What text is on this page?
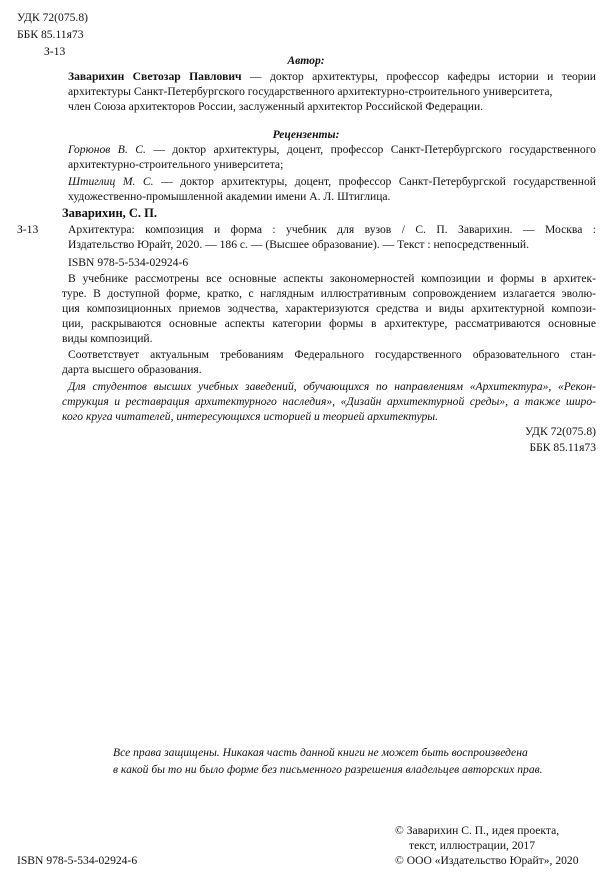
УДК 72(075.8)
ББК 85.11я73
З-13
Автор:
Заварихин Светозар Павлович — доктор архитектуры, профессор кафедры истории и теории
архитектуры Санкт-Петербургского государственного архитектурно-строительного университета,
член Союза архитекторов России, заслуженный архитектор Российской Федерации.
Рецензенты:
Горюнов В. С. — доктор архитектуры, доцент, профессор Санкт-Петербургского государственного
архитектурно-строительного университета;
Штиглиц М. С. — доктор архитектуры, доцент, профессор Санкт-Петербургской государственной
художественно-промышленной академии имени А. Л. Штиглица.
Заварихин, С. П.
З-13	Архитектура: композиция и форма : учебник для вузов / С. П. Заварихин. — Москва :
Издательство Юрайт, 2020. — 186 с. — (Высшее образование). — Текст : непосредственный.
ISBN 978-5-534-02924-6
В учебнике рассмотрены все основные аспекты закономерностей композиции и формы в архитек-
туре. В доступной форме, кратко, с наглядным иллюстративным сопровождением излагается эволю-
ция композиционных приемов зодчества, характеризуются средства и виды архитектурной компози-
ции, раскрываются основные аспекты категории формы в архитектуре, рассматриваются основные
виды композиций.
Соответствует актуальным требованиям Федерального государственного образовательного стан-
дарта высшего образования.
Для студентов высших учебных заведений, обучающихся по направлениям «Архитектура», «Рекон-
струкция и реставрация архитектурного наследия», «Дизайн архитектурной среды», а также широ-
кого круга читателей, интересующихся историей и теорией архитектуры.
УДК 72(075.8)
ББК 85.11я73
Все права защищены. Никакая часть данной книги не может быть воспроизведена
в какой бы то ни было форме без письменного разрешения владельцев авторских прав.
© Заварихин С. П., идея проекта,
текст, иллюстрации, 2017
ISBN 978-5-534-02924-6	© ООО «Издательство Юрайт», 2020
